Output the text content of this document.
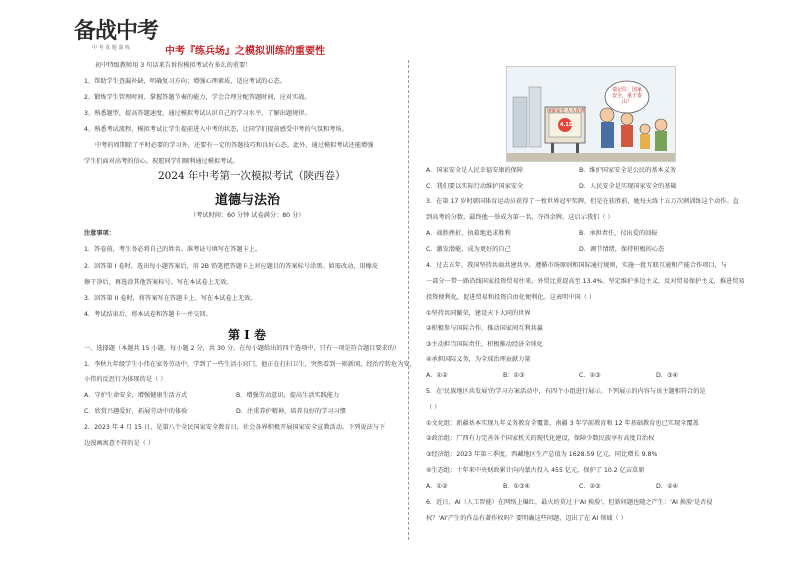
备战中考
中 考 真 题 演 练	中考『练兵场』之模拟训练的重要性
初中特级教师用 3 句话来告诉你模拟考试有多么的重要！
1、帮助学生查漏补缺，明确复习方向；增强心理素质，适应考试的心态。
2、锻炼学生管理时间、掌握答题节奏的能力，学会合理分配答题时间，应对实战。
3、熟悉题型，提高答题速度，通过模拟考试认识自己的学习水平，了解出题规律。
4、熟悉考试流程，模拟考试让学生提前进入中考的状态，让同学们提前感受中考的气氛和考场。
中考的周期除了平时必要的学习外，还要有一定的答题技巧和良好心态。此外，通过模拟考试还能增强
学生们面对高考的信心，祝愿同学们顺利通过模拟考试。
2024 年中考第一次模拟考试（陕西卷）
道德与法治
（考试时间：60 分钟 试卷满分：80 分）
注意事项：
1．答卷前，考生务必将自己的姓名、准考证号填写在答题卡上。
2．回答第 I 卷时，选出每小题答案后，用 2B 铅笔把答题卡上对应题目的答案标号涂黑。如需改动，用橡皮
擦干净后，再选涂其他答案标号。写在本试卷上无效。
3．回答第 II 卷时，将答案写在答题卡上。写在本试卷上无效。
4．考试结束后，将本试卷和答题卡一并交回。
第 I 卷
一、选择题（本题共 15 小题，每小题 2 分，共 30 分。在每小题给出的四个选项中，只有一项是符合题目要求的）
1．李秋九年级学生小伟在家务劳动中，学到了一些生活小窍门，他正在打扫卫生，突然看到一则新闻，经治疗转危为安，
小伟的反思行为体现的是（ ）
A．守护生命安全，增强健康生活方式	B．增强劳动意识，提高生活实践能力
C．欣赏兴趣爱好，拓展劳动中的体验	D．注重养护精神，培养良好的学习习惯
2．2023 年 4 月 15 日，是第八个全民国家安全教育日，社会各界积极开展国家安全宣教活动。下列说法与下
边漫画寓意不符的是（ ）
国家安全 人人有责
4.15
请记住：国家安全，重于泰山！
A．国家安全是人民幸福安康的保障	B．维护国家安全是公民的基本义务
C．我们要以实际行动维护国家安全	D．人民安全是实现国家安全的基础
3．在第 17 岁时韩国体育运动员获得了一枚世界冠军奖牌，但是在获胜前，她每天练十五万次刺训练这个动作。直
到高考的分数，最终他一举成为第一名，夺得金牌。这启示我们（ ）
A．战胜挫折，执着地追求胜利	B．承担责任，付出爱的回报
C．激发潜能，成为更好的自己	D．调节情绪，保持积极的心态
4．过去五年，我国坚持共商共建共享，遵循市场原则和国际通行规则，实施一批互联互通和产能合作项目，与
一部分一带一路沿线国家投资贸易往来，外贸比重提高至 13.4%。坚定维护多边主义，反对贸易保护主义，推进贸易
投资便利化，促进贸易和投资自由化便利化。这表明中国（ ）
①坚持共同繁荣，建设天下大同的世界
②积极参与国际合作，推动国家间互利共赢
③主动担当国际责任，积极推动经济全球化
④承担国际义务，为全球治理贡献力量
A．①②	B．①③	C．②③	D．③④
5．在'民族地区共发展'的学习方案活动中，有四个小组进行展示。下列展示的内容与该主题相符合的是
（ ）
①文化组：新疆基本实现九年义务教育全覆盖，南疆 3 年学前教育和 12 年基础教育也已实现全覆盖
②政治组：广西有力完善各个国家机关的现代化建设，保障少数民族享有高度自治权
③经济组：2023 年第三季度，西藏地区生产总值为 1628.59 亿元，同比增长 9.8%
④生态组：十年来中央财政累计向内蒙古投入 455 亿元，保护了 10.2 亿亩草原
A．①②	B．①③④	C．②③	D．②④
6．近日，AI（人工智能）在网络上爆红，最火的莫过于'AI 换脸'。但新问题也随之产生：'AI 换脸'是否侵
权？'AI'产生的作品有著作权吗？要明确这些问题，迈出了在 AI 领域（ ）
